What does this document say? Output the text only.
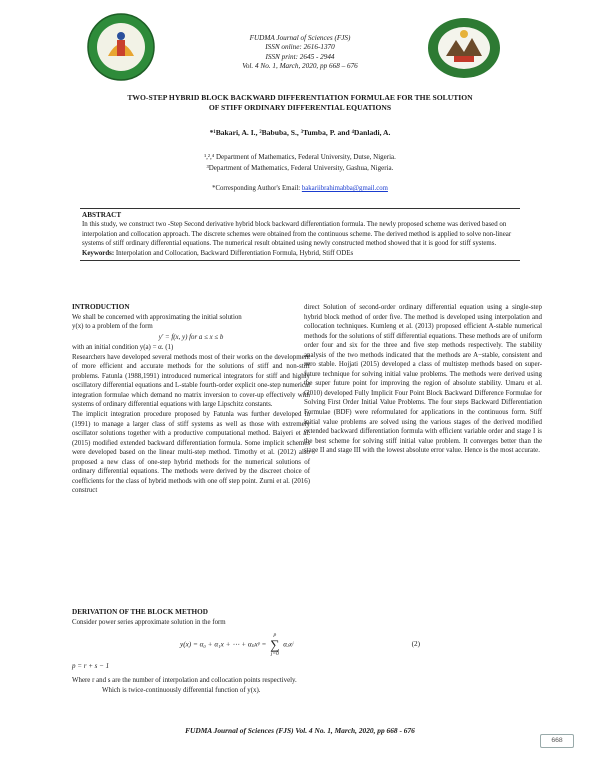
FUDMA Journal of Sciences (FJS)
ISSN online: 2616-1370
ISSN print: 2645 - 2944
Vol. 4 No. 1, March, 2020, pp 668 – 676
TWO-STEP HYBRID BLOCK BACKWARD DIFFERENTIATION FORMULAE FOR THE SOLUTION
OF STIFF ORDINARY DIFFERENTIAL EQUATIONS
*¹Bakari, A. I., ²Babuba, S., ³Tumba, P. and ⁴Danladi, A.
¹,²,⁴ Department of Mathematics, Federal University, Dutse, Nigeria.
³Department of Mathematics, Federal University, Gashua, Nigeria.
*Corresponding Author's Email: bakariibrahimabba@gmail.com
ABSTRACT
In this study, we construct two -Step Second derivative hybrid block backward differentiation formula. The newly proposed scheme was derived based on interpolation and collocation approach. The discrete schemes were obtained from the continuous scheme. The derived method is applied to solve non-linear systems of stiff ordinary differential equations. The numerical result obtained using newly constructed method showed that it is good for stiff systems.
Keywords: Interpolation and Collocation, Backward Differentiation Formula, Hybrid, Stiff ODEs

INTRODUCTION

We shall be concerned with approximating the initial solution

y(x) to a problem of the form

y′ = f(x, y) for a ≤ x ≤ b

with an initial condition y(a) = α. (1)

Researchers have developed several methods most of their works on the development of more efficient and accurate methods for the solutions of stiff and non-stiff problems. Fatunla (1988,1991) introduced numerical integrators for stiff and highly oscillatory differential equations and L-stable fourth-order explicit one-step numerical integration formulae which demand no matrix inversion to cover-up effectively with systems of ordinary differential equations with large Lipschitz constants.

The implicit integration procedure proposed by Fatunla was further developed in (1991) to manage a larger class of stiff systems as well as those with extremely oscillator solutions together with a productive computational method. Baiyeri et al. (2015) modified extended backward differentiation formula. Some implicit schemes were developed based on the linear multi-step method. Timothy et al. (2012) also proposed a new class of one-step hybrid methods for the numerical solutions of ordinary differential equations. The methods were derived by the discreet choice of coefficients for the class of hybrid methods with one off step point. Zurni et al. (2016) construct

direct Solution of second-order ordinary differential equation using a single-step hybrid block method of order five. The method is developed using interpolation and collocation techniques. Kumleng et al. (2013) proposed efficient A-stable numerical methods for the solutions of stiff differential equations. These methods are of uniform order four and six for the three and five step methods respectively. The stability analysis of the two methods indicated that the methods are A−stable, consistent and zero stable. Hojjati (2015) developed a class of multistep methods based on super-future technique for solving initial value problems. The methods were derived using the super future point for improving the region of absolute stability. Umaru et al. (2010) developed Fully Implicit Four Point Block Backward Difference Formulae for Solving First Order Initial Value Problems. The four steps Backward Differentiation Formulae (BDF) were reformulated for applications in the continuous form. Stiff initial value problems are solved using the various stages of the derived modified extended backward differentiation formula with efficient variable order and stage I is the best scheme for solving stiff initial value problem. It converges better than the stage II and stage III with the lowest absolute error value. Hence is the most accurate.

DERIVATION OF THE BLOCK METHOD
Consider power series approximate solution in the form
y(x) = α₀ + α₁x + ⋯ + αₚxᵖ =
p
∑
j=0
αⱼxʲ	(2)
p = r + s − 1
Where r and s are the number of interpolation and collocation points respectively.
Which is twice-continuously differential function of y(x).
FUDMA Journal of Sciences (FJS) Vol. 4 No. 1, March, 2020, pp 668 - 676
668
